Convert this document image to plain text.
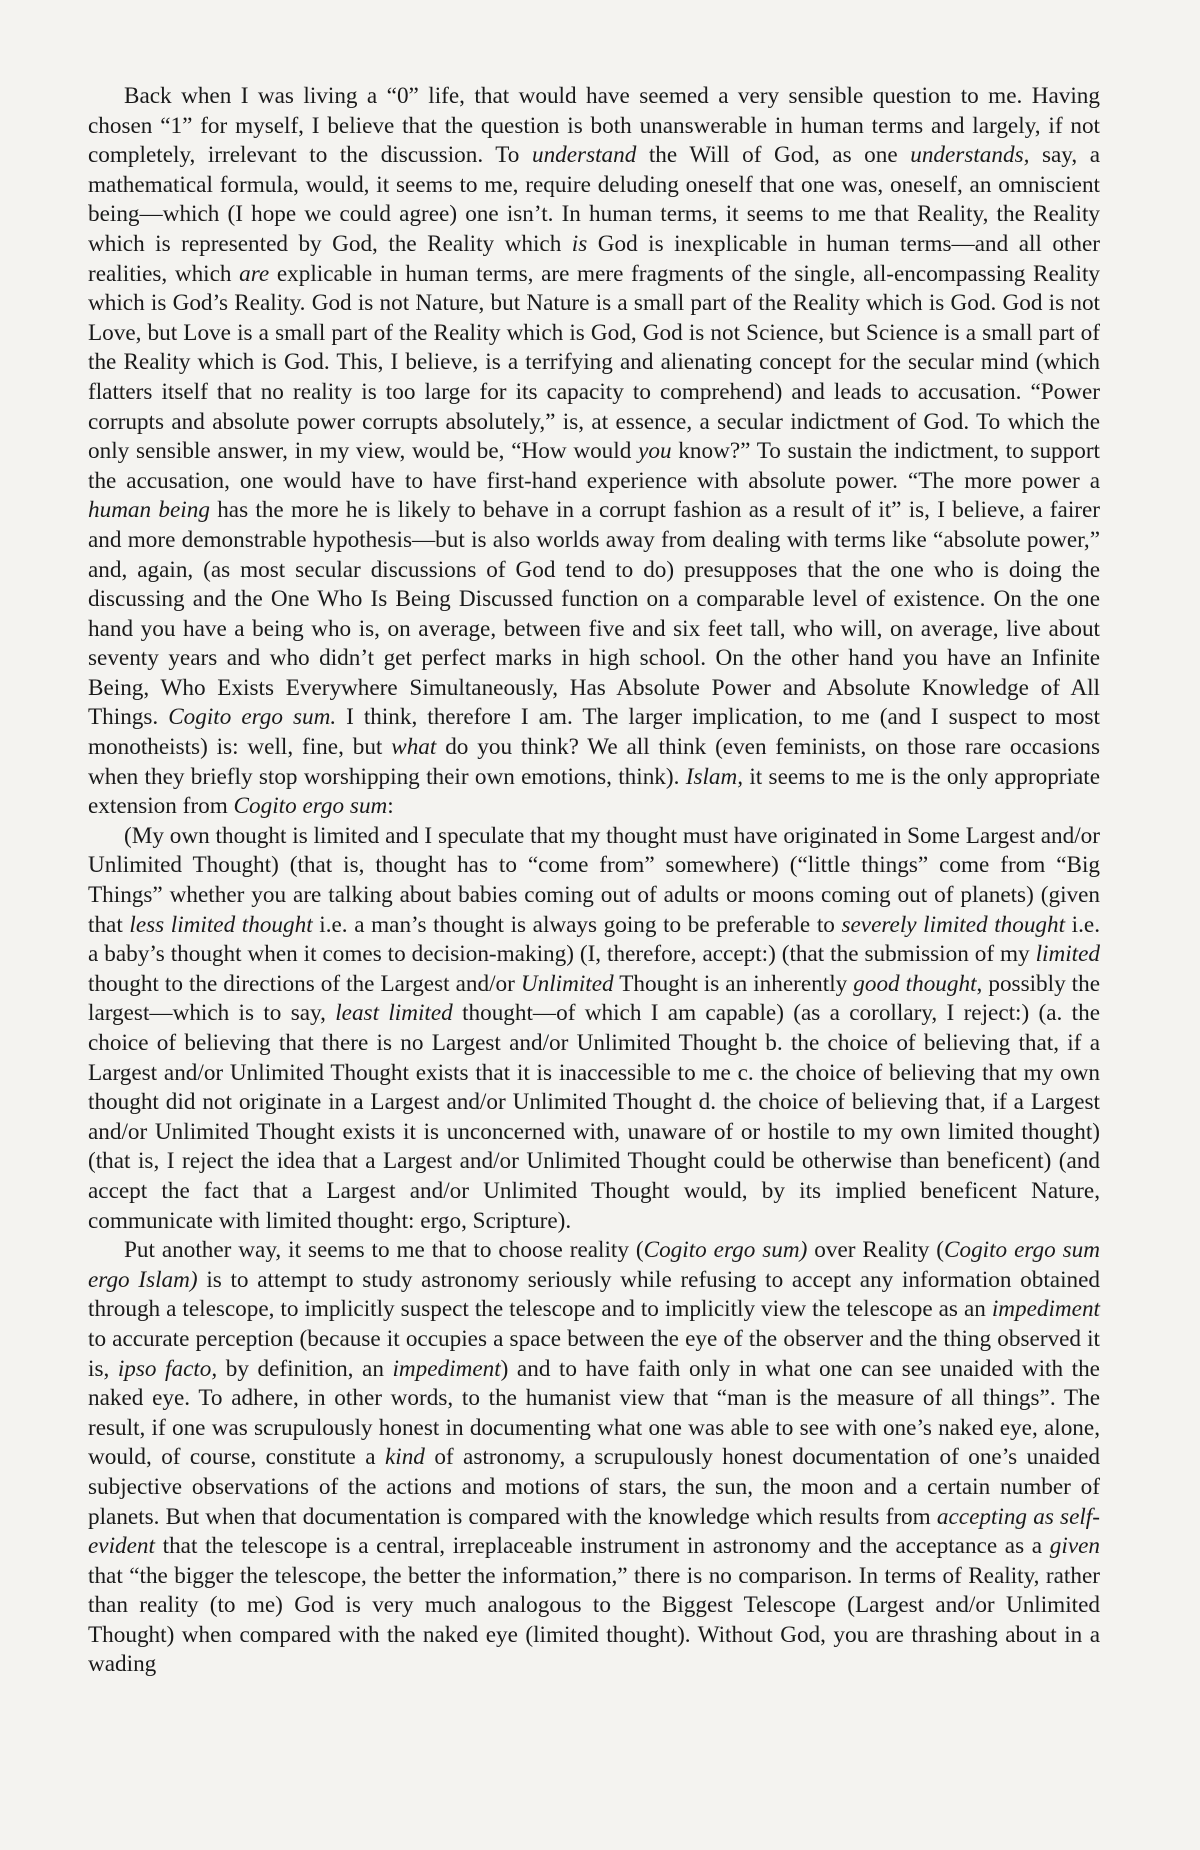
Back when I was living a “0” life, that would have seemed a very sensible question to me. Having chosen “1” for myself, I believe that the question is both unanswerable in human terms and largely, if not completely, irrelevant to the discussion. To understand the Will of God, as one understands, say, a mathematical formula, would, it seems to me, require deluding oneself that one was, oneself, an omniscient being—which (I hope we could agree) one isn’t. In human terms, it seems to me that Reality, the Reality which is represented by God, the Reality which is God is inexplicable in human terms—and all other realities, which are explicable in human terms, are mere fragments of the single, all-encompassing Reality which is God’s Reality. God is not Nature, but Nature is a small part of the Reality which is God. God is not Love, but Love is a small part of the Reality which is God, God is not Science, but Science is a small part of the Reality which is God. This, I believe, is a terrifying and alienating concept for the secular mind (which flatters itself that no reality is too large for its capacity to comprehend) and leads to accusation. “Power corrupts and absolute power corrupts absolutely,” is, at essence, a secular indictment of God. To which the only sensible answer, in my view, would be, “How would you know?” To sustain the indictment, to support the accusation, one would have to have first-hand experience with absolute power. “The more power a human being has the more he is likely to behave in a corrupt fashion as a result of it” is, I believe, a fairer and more demonstrable hypothesis—but is also worlds away from dealing with terms like “absolute power,” and, again, (as most secular discussions of God tend to do) presupposes that the one who is doing the discussing and the One Who Is Being Discussed function on a comparable level of existence. On the one hand you have a being who is, on average, between five and six feet tall, who will, on average, live about seventy years and who didn’t get perfect marks in high school. On the other hand you have an Infinite Being, Who Exists Everywhere Simultaneously, Has Absolute Power and Absolute Knowledge of All Things. Cogito ergo sum. I think, therefore I am. The larger implication, to me (and I suspect to most monotheists) is: well, fine, but what do you think? We all think (even feminists, on those rare occasions when they briefly stop worshipping their own emotions, think). Islam, it seems to me is the only appropriate extension from Cogito ergo sum:

(My own thought is limited and I speculate that my thought must have originated in Some Largest and/or Unlimited Thought) (that is, thought has to “come from” somewhere) (“little things” come from “Big Things” whether you are talking about babies coming out of adults or moons coming out of planets) (given that less limited thought i.e. a man’s thought is always going to be preferable to severely limited thought i.e. a baby’s thought when it comes to decision-making) (I, therefore, accept:) (that the submission of my limited thought to the directions of the Largest and/or Unlimited Thought is an inherently good thought, possibly the largest—which is to say, least limited thought—of which I am capable) (as a corollary, I reject:) (a. the choice of believing that there is no Largest and/or Unlimited Thought b. the choice of believing that, if a Largest and/or Unlimited Thought exists that it is inaccessible to me c. the choice of believing that my own thought did not originate in a Largest and/or Unlimited Thought d. the choice of believing that, if a Largest and/or Unlimited Thought exists it is unconcerned with, unaware of or hostile to my own limited thought) (that is, I reject the idea that a Largest and/or Unlimited Thought could be otherwise than beneficent) (and accept the fact that a Largest and/or Unlimited Thought would, by its implied beneficent Nature, communicate with limited thought: ergo, Scripture).

Put another way, it seems to me that to choose reality (Cogito ergo sum) over Reality (Cogito ergo sum ergo Islam) is to attempt to study astronomy seriously while refusing to accept any information obtained through a telescope, to implicitly suspect the telescope and to implicitly view the telescope as an impediment to accurate perception (because it occupies a space between the eye of the observer and the thing observed it is, ipso facto, by definition, an impediment) and to have faith only in what one can see unaided with the naked eye. To adhere, in other words, to the humanist view that “man is the measure of all things”. The result, if one was scrupulously honest in documenting what one was able to see with one’s naked eye, alone, would, of course, constitute a kind of astronomy, a scrupulously honest documentation of one’s unaided subjective observations of the actions and motions of stars, the sun, the moon and a certain number of planets. But when that documentation is compared with the knowledge which results from accepting as self-evident that the telescope is a central, irreplaceable instrument in astronomy and the acceptance as a given that “the bigger the telescope, the better the information,” there is no comparison. In terms of Reality, rather than reality (to me) God is very much analogous to the Biggest Telescope (Largest and/or Unlimited Thought) when compared with the naked eye (limited thought). Without God, you are thrashing about in a wading
